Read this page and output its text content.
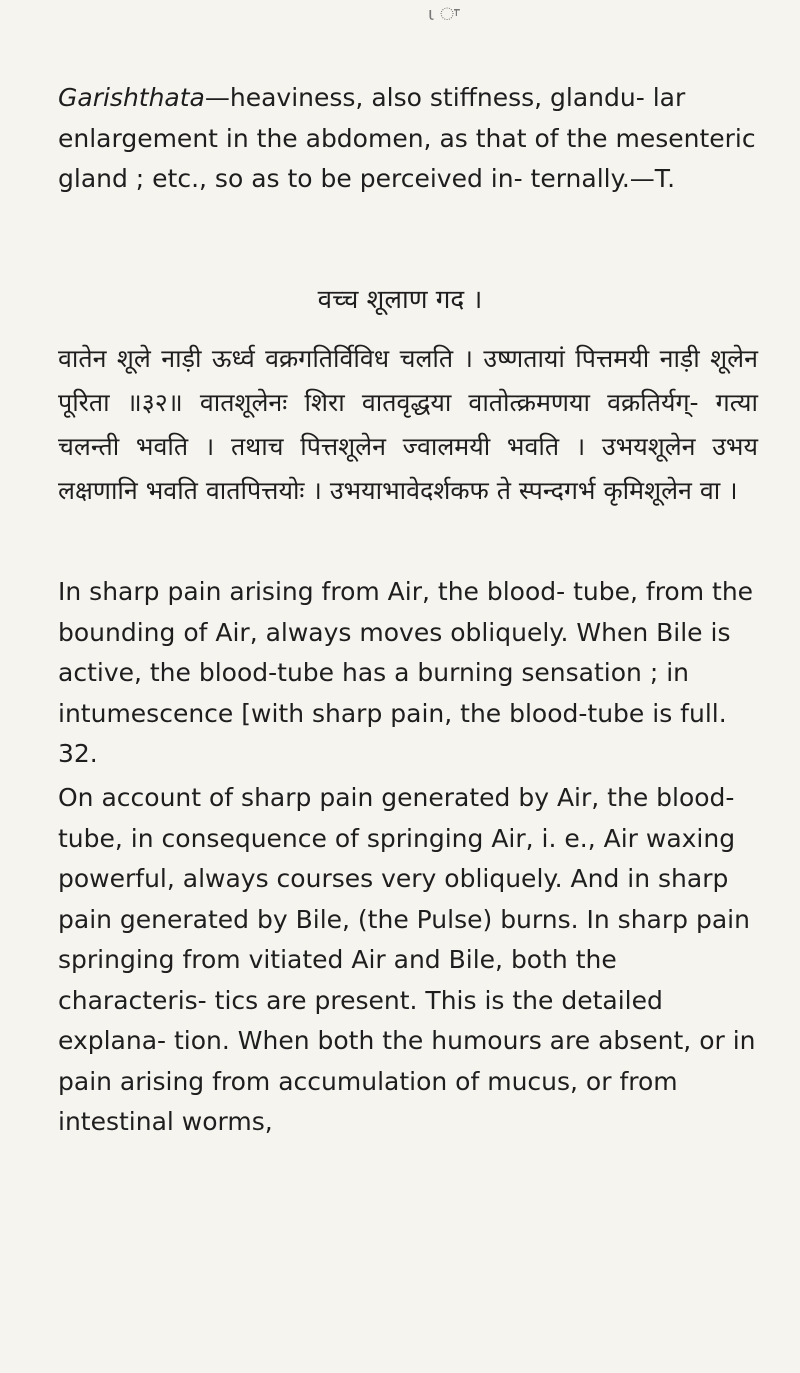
ι ਾ

Garishthata—heaviness, also stiffness, glandu- lar enlargement in the abdomen, as that of the mesenteric gland ; etc., so as to be perceived in- ternally.—T.

वच्च शूलाण गद ।

वातेन शूले नाड़ी ऊर्ध्व वक्रगतिर्विविध चलति । उष्णतायां पित्तमयी नाड़ी शूलेन पूरिता ॥३२॥ वातशूलेनः शिरा वातवृद्धया वातोत्क्रमणया वक्रतिर्यग्- गत्या चलन्ती भवति । तथाच पित्तशूलेन ज्वालमयी भवति । उभयशूलेन उभय लक्षणानि भवति वातपित्तयोः । उभयाभावेदर्शकफ ते स्पन्दगर्भ कृमिशूलेन वा ।

In sharp pain arising from Air, the blood- tube, from the bounding of Air, always moves obliquely. When Bile is active, the blood-tube has a burning sensation ; in intumescence [with sharp pain, the blood-tube is full. 32.

On account of sharp pain generated by Air, the blood-tube, in consequence of springing Air, i. e., Air waxing powerful, always courses very obliquely. And in sharp pain generated by Bile, (the Pulse) burns. In sharp pain springing from vitiated Air and Bile, both the characteris- tics are present. This is the detailed explana- tion. When both the humours are absent, or in pain arising from accumulation of mucus, or from intestinal worms,
